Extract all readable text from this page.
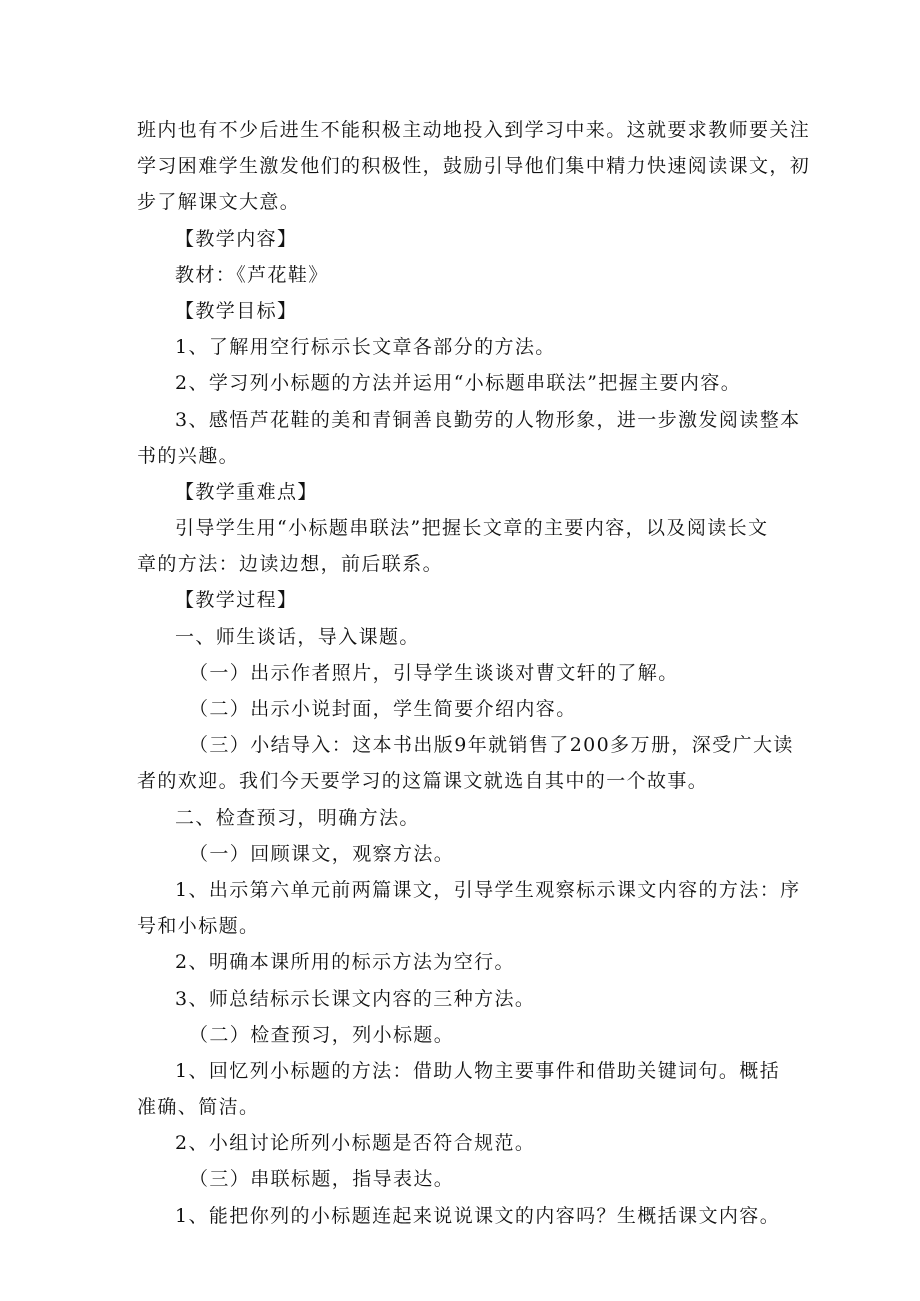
班内也有不少后进生不能积极主动地投入到学习中来。这就要求教师要关注
学习困难学生激发他们的积极性，鼓励引导他们集中精力快速阅读课文，初
步了解课文大意。
【教学内容】
教材：《芦花鞋》
【教学目标】
1、了解用空行标示长文章各部分的方法。
2、学习列小标题的方法并运用“小标题串联法”把握主要内容。
3、感悟芦花鞋的美和青铜善良勤劳的人物形象，进一步激发阅读整本
书的兴趣。
【教学重难点】
引导学生用“小标题串联法”把握长文章的主要内容，以及阅读长文
章的方法：边读边想，前后联系。
【教学过程】
一、师生谈话，导入课题。
（一）出示作者照片，引导学生谈谈对曹文轩的了解。
（二）出示小说封面，学生简要介绍内容。
（三）小结导入：这本书出版9年就销售了200多万册，深受广大读
者的欢迎。我们今天要学习的这篇课文就选自其中的一个故事。
二、检查预习，明确方法。
（一）回顾课文，观察方法。
1、出示第六单元前两篇课文，引导学生观察标示课文内容的方法：序
号和小标题。
2、明确本课所用的标示方法为空行。
3、师总结标示长课文内容的三种方法。
（二）检查预习，列小标题。
1、回忆列小标题的方法：借助人物主要事件和借助关键词句。概括
准确、简洁。
2、小组讨论所列小标题是否符合规范。
（三）串联标题，指导表达。
1、能把你列的小标题连起来说说课文的内容吗？生概括课文内容。
